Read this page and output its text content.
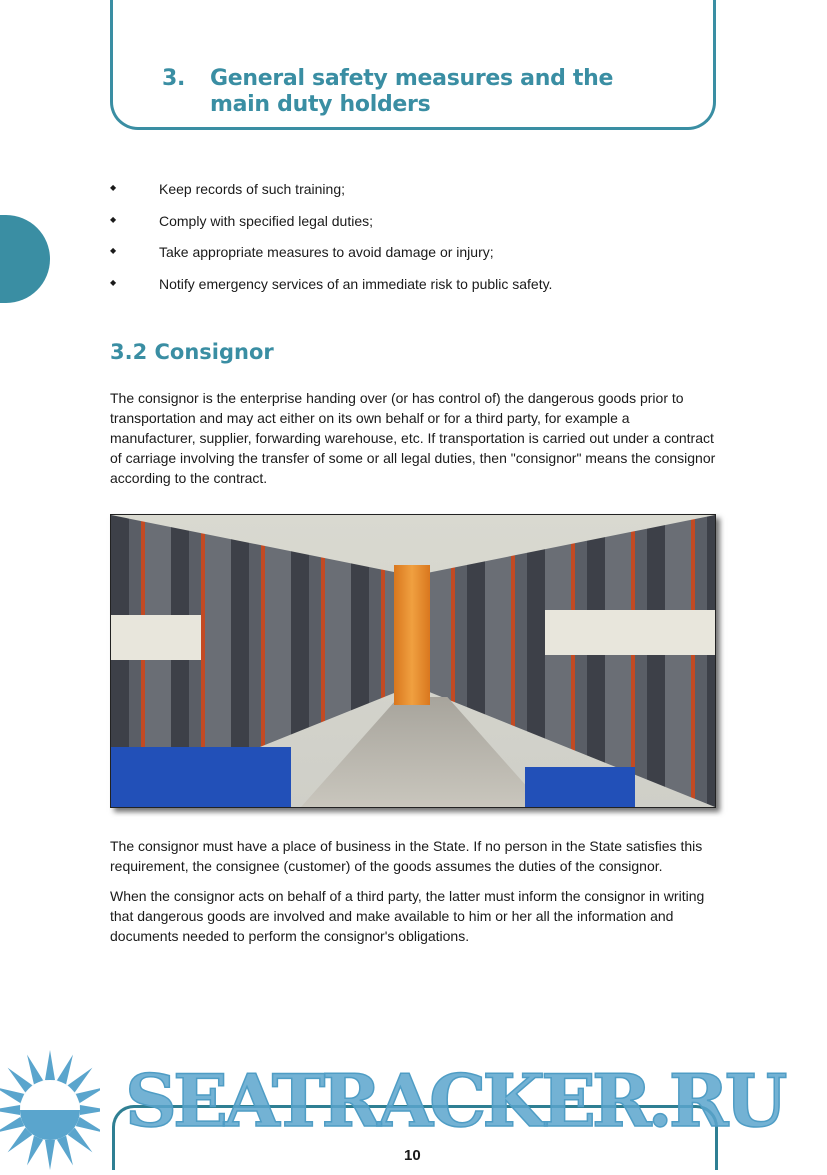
3. General safety measures and the main duty holders
◆	Keep records of such training;
◆	Comply with specified legal duties;
◆	Take appropriate measures to avoid damage or injury;
◆	Notify emergency services of an immediate risk to public safety.
3.2 Consignor

The consignor is the enterprise handing over (or has control of) the dangerous goods prior to transportation and may act either on its own behalf or for a third party, for example a manufacturer, supplier, forwarding warehouse, etc. If transportation is carried out under a contract of carriage involving the transfer of some or all legal duties, then "consignor" means the consignor according to the contract.

The consignor must have a place of business in the State. If no person in the State satisfies this requirement, the consignee (customer) of the goods assumes the duties of the consignor.

When the consignor acts on behalf of a third party, the latter must inform the consignor in writing that dangerous goods are involved and make available to him or her all the information and documents needed to perform the consignor's obligations.

SEATRACKER.RU
10
